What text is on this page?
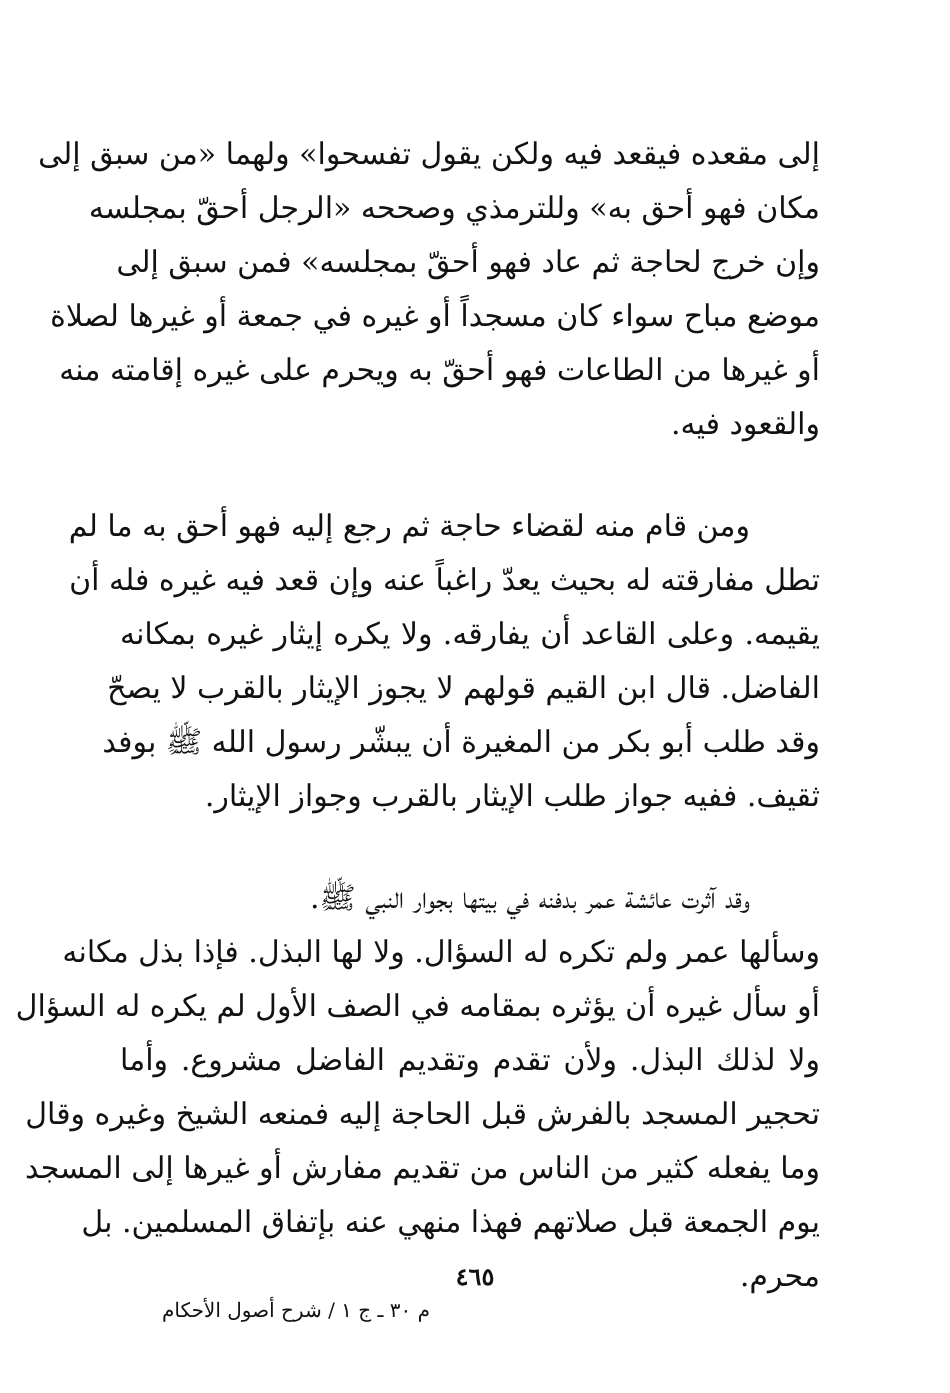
إلى مقعده فيقعد فيه ولكن يقول تفسحوا» ولهما «من سبق إلى
مكان فهو أحق به» وللترمذي وصححه «الرجل أحقّ بمجلسه
وإن خرج لحاجة ثم عاد فهو أحقّ بمجلسه» فمن سبق إلى
موضع مباح سواء كان مسجداً أو غيره في جمعة أو غيرها لصلاة
أو غيرها من الطاعات فهو أحقّ به ويحرم على غيره إقامته منه
والقعود فيه.
ومن قام منه لقضاء حاجة ثم رجع إليه فهو أحق به ما لم
تطل مفارقته له بحيث يعدّ راغباً عنه وإن قعد فيه غيره فله أن
يقيمه. وعلى القاعد أن يفارقه. ولا يكره إيثار غيره بمكانه
الفاضل. قال ابن القيم قولهم لا يجوز الإيثار بالقرب لا يصحّ
وقد طلب أبو بكر من المغيرة أن يبشّر رسول الله ﷺ بوفد
ثقيف. ففيه جواز طلب الإيثار بالقرب وجواز الإيثار.
وقد آثرت عائشة عمر بدفنه في بيتها بجوار النبي ﷺ.
وسألها عمر ولم تكره له السؤال. ولا لها البذل. فإذا بذل مكانه
أو سأل غيره أن يؤثره بمقامه في الصف الأول لم يكره له السؤال
ولا لذلك البذل. ولأن تقدم وتقديم الفاضل مشروع. وأما
تحجير المسجد بالفرش قبل الحاجة إليه فمنعه الشيخ وغيره وقال
وما يفعله كثير من الناس من تقديم مفارش أو غيرها إلى المسجد
يوم الجمعة قبل صلاتهم فهذا منهي عنه بإتفاق المسلمين. بل
محرم.
٤٦٥
م ٣٠ ـ ج ١ / شرح أصول الأحكام
